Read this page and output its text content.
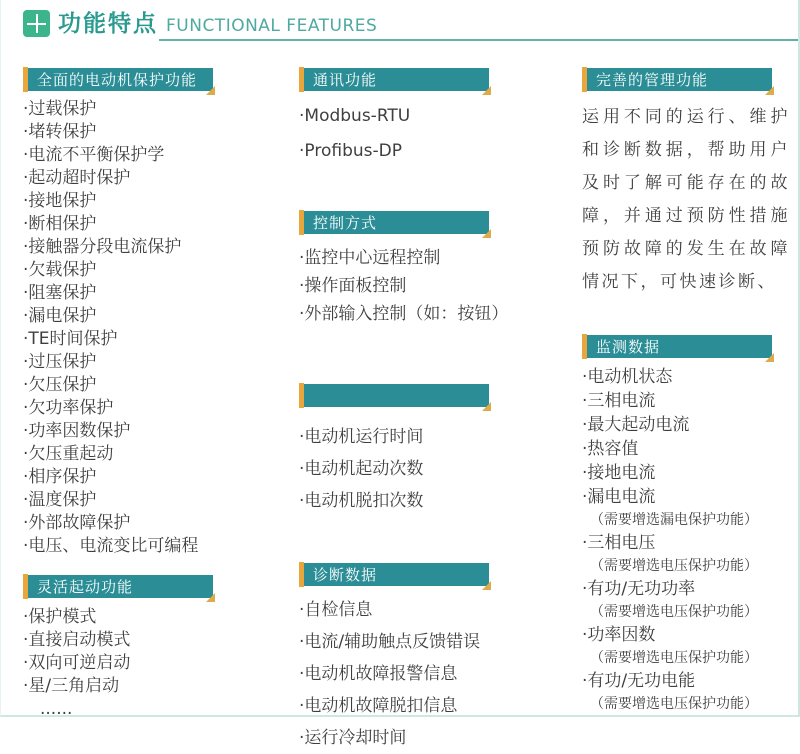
功能特点 FUNCTIONAL FEATURES
全面的电动机保护功能
·过载保护
·堵转保护
·电流不平衡保护学
·起动超时保护
·接地保护
·断相保护
·接触器分段电流保护
·欠载保护
·阻塞保护
·漏电保护
·TE时间保护
·过压保护
·欠压保护
·欠功率保护
·功率因数保护
·欠压重起动
·相序保护
·温度保护
·外部故障保护
·电压、电流变比可编程
灵活起动功能
·保护模式
·直接启动模式
·双向可逆启动
·星/三角启动
　......
通讯功能
·Modbus-RTU
·Profibus-DP
控制方式
·监控中心远程控制
·操作面板控制
·外部输入控制（如：按钮）
·电动机运行时间
·电动机起动次数
·电动机脱扣次数
诊断数据
·自检信息
·电流/辅助触点反馈错误
·电动机故障报警信息
·电动机故障脱扣信息
·运行冷却时间
完善的管理功能

运用不同的运行、维护和诊断数据，帮助用户及时了解可能存在的故障，并通过预防性措施预防故障的发生在故障情况下，可快速诊断、

监测数据
·电动机状态
·三相电流
·最大起动电流
·热容值
·接地电流
·漏电电流
（需要增选漏电保护功能）
·三相电压
（需要增选电压保护功能）
·有功/无功功率
（需要增选电压保护功能）
·功率因数
（需要增选电压保护功能）
·有功/无功电能
（需要增选电压保护功能）
